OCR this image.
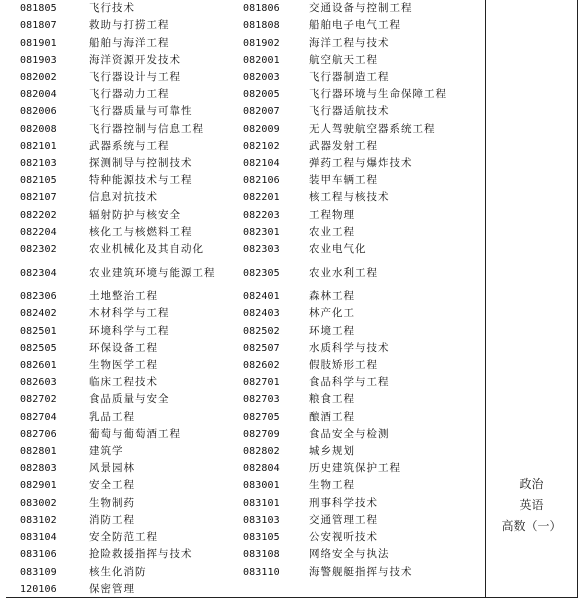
081805	飞行技术	081806	交通设备与控制工程
081807	救助与打捞工程	081808	船舶电子电气工程
081901	船舶与海洋工程	081902	海洋工程与技术
081903	海洋资源开发技术	082001	航空航天工程
082002	飞行器设计与工程	082003	飞行器制造工程
082004	飞行器动力工程	082005	飞行器环境与生命保障工程
082006	飞行器质量与可靠性	082007	飞行器适航技术
082008	飞行器控制与信息工程	082009	无人驾驶航空器系统工程
082101	武器系统与工程	082102	武器发射工程
082103	探测制导与控制技术	082104	弹药工程与爆炸技术
082105	特种能源技术与工程	082106	装甲车辆工程
082107	信息对抗技术	082201	核工程与核技术
082202	辐射防护与核安全	082203	工程物理
082204	核化工与核燃料工程	082301	农业工程
082302	农业机械化及其自动化	082303	农业电气化
082304	农业建筑环境与能源工程	082305	农业水利工程
082306	土地整治工程	082401	森林工程
082402	木材科学与工程	082403	林产化工
082501	环境科学与工程	082502	环境工程
082505	环保设备工程	082507	水质科学与技术
082601	生物医学工程	082602	假肢矫形工程
082603	临床工程技术	082701	食品科学与工程
082702	食品质量与安全	082703	粮食工程
082704	乳品工程	082705	酿酒工程
082706	葡萄与葡萄酒工程	082709	食品安全与检测
082801	建筑学	082802	城乡规划
082803	风景园林	082804	历史建筑保护工程
082901	安全工程	083001	生物工程
083002	生物制药	083101	刑事科学技术
083102	消防工程	083103	交通管理工程
083104	安全防范工程	083105	公安视听技术
083106	抢险救援指挥与技术	083108	网络安全与执法
083109	核生化消防	083110	海警舰艇指挥与技术
120106	保密管理
政治
英语
高数（一）
